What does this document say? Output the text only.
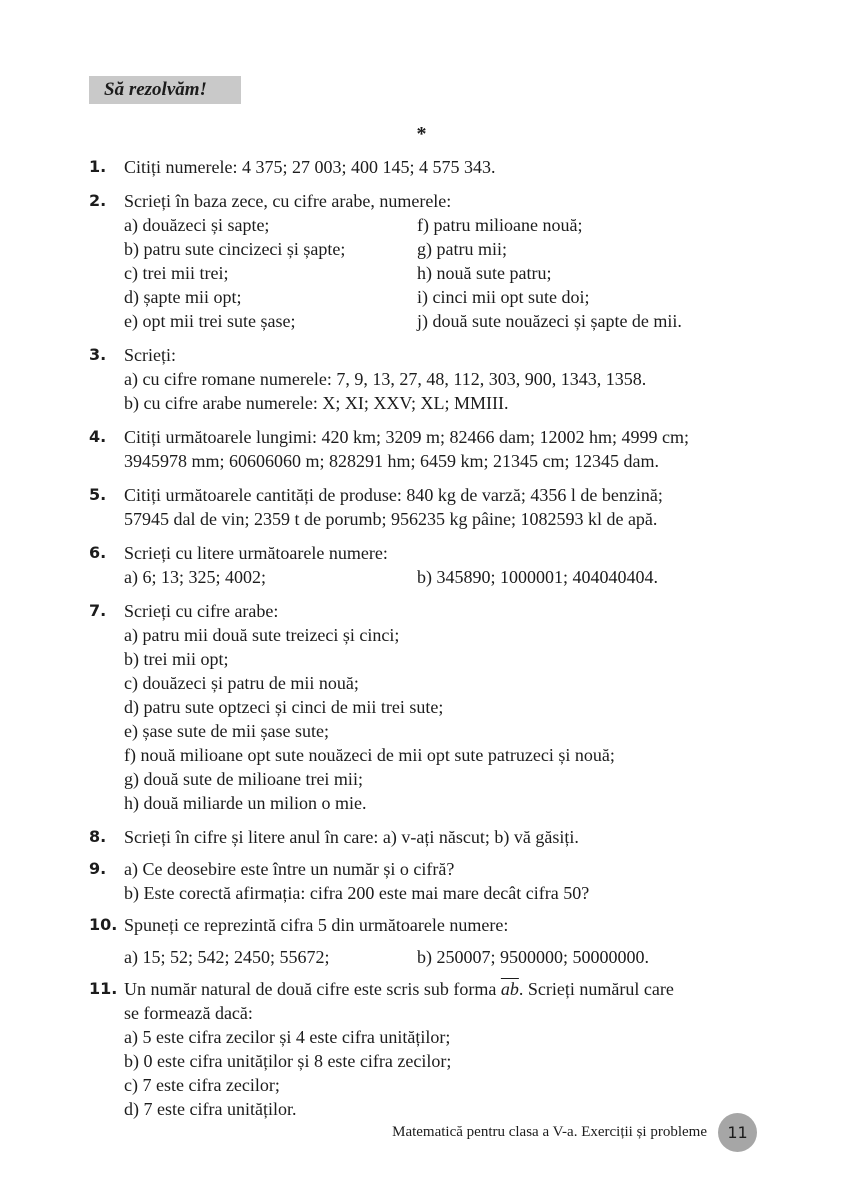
Să rezolvăm!
*
1. Citiți numerele: 4 375; 27 003; 400 145; 4 575 343.
2. Scrieți în baza zece, cu cifre arabe, numerele:
a) douăzeci și sapte;	f) patru milioane nouă;
b) patru sute cincizeci și șapte;	g) patru mii;
c) trei mii trei;	h) nouă sute patru;
d) șapte mii opt;	i) cinci mii opt sute doi;
e) opt mii trei sute șase;	j) două sute nouăzeci și șapte de mii.
3. Scrieți:
a) cu cifre romane numerele: 7, 9, 13, 27, 48, 112, 303, 900, 1343, 1358.
b) cu cifre arabe numerele: X; XI; XXV; XL; MMIII.
4. Citiți următoarele lungimi: 420 km; 3209 m; 82466 dam; 12002 hm; 4999 cm;
3945978 mm; 60606060 m; 828291 hm; 6459 km; 21345 cm; 12345 dam.
5. Citiți următoarele cantități de produse: 840 kg de varză; 4356 l de benzină;
57945 dal de vin; 2359 t de porumb; 956235 kg pâine; 1082593 kl de apă.
6. Scrieți cu litere următoarele numere:
a) 6; 13; 325; 4002;	b) 345890; 1000001; 404040404.
7. Scrieți cu cifre arabe:
a) patru mii două sute treizeci și cinci;
b) trei mii opt;
c) douăzeci și patru de mii nouă;
d) patru sute optzeci și cinci de mii trei sute;
e) șase sute de mii șase sute;
f) nouă milioane opt sute nouăzeci de mii opt sute patruzeci și nouă;
g) două sute de milioane trei mii;
h) două miliarde un milion o mie.
8. Scrieți în cifre și litere anul în care: a) v-ați născut; b) vă găsiți.
9. a) Ce deosebire este între un număr și o cifră?
b) Este corectă afirmația: cifra 200 este mai mare decât cifra 50?
10. Spuneți ce reprezintă cifra 5 din următoarele numere:
a) 15; 52; 542; 2450; 55672;	b) 250007; 9500000; 50000000.
11. Un număr natural de două cifre este scris sub forma $\overline{ab}$. Scrieți numărul care
se formează dacă:
a) 5 este cifra zecilor și 4 este cifra unităților;
b) 0 este cifra unităților și 8 este cifra zecilor;
c) 7 este cifra zecilor;
d) 7 este cifra unităților.
Matematică pentru clasa a V-a. Exerciții și probleme	11
